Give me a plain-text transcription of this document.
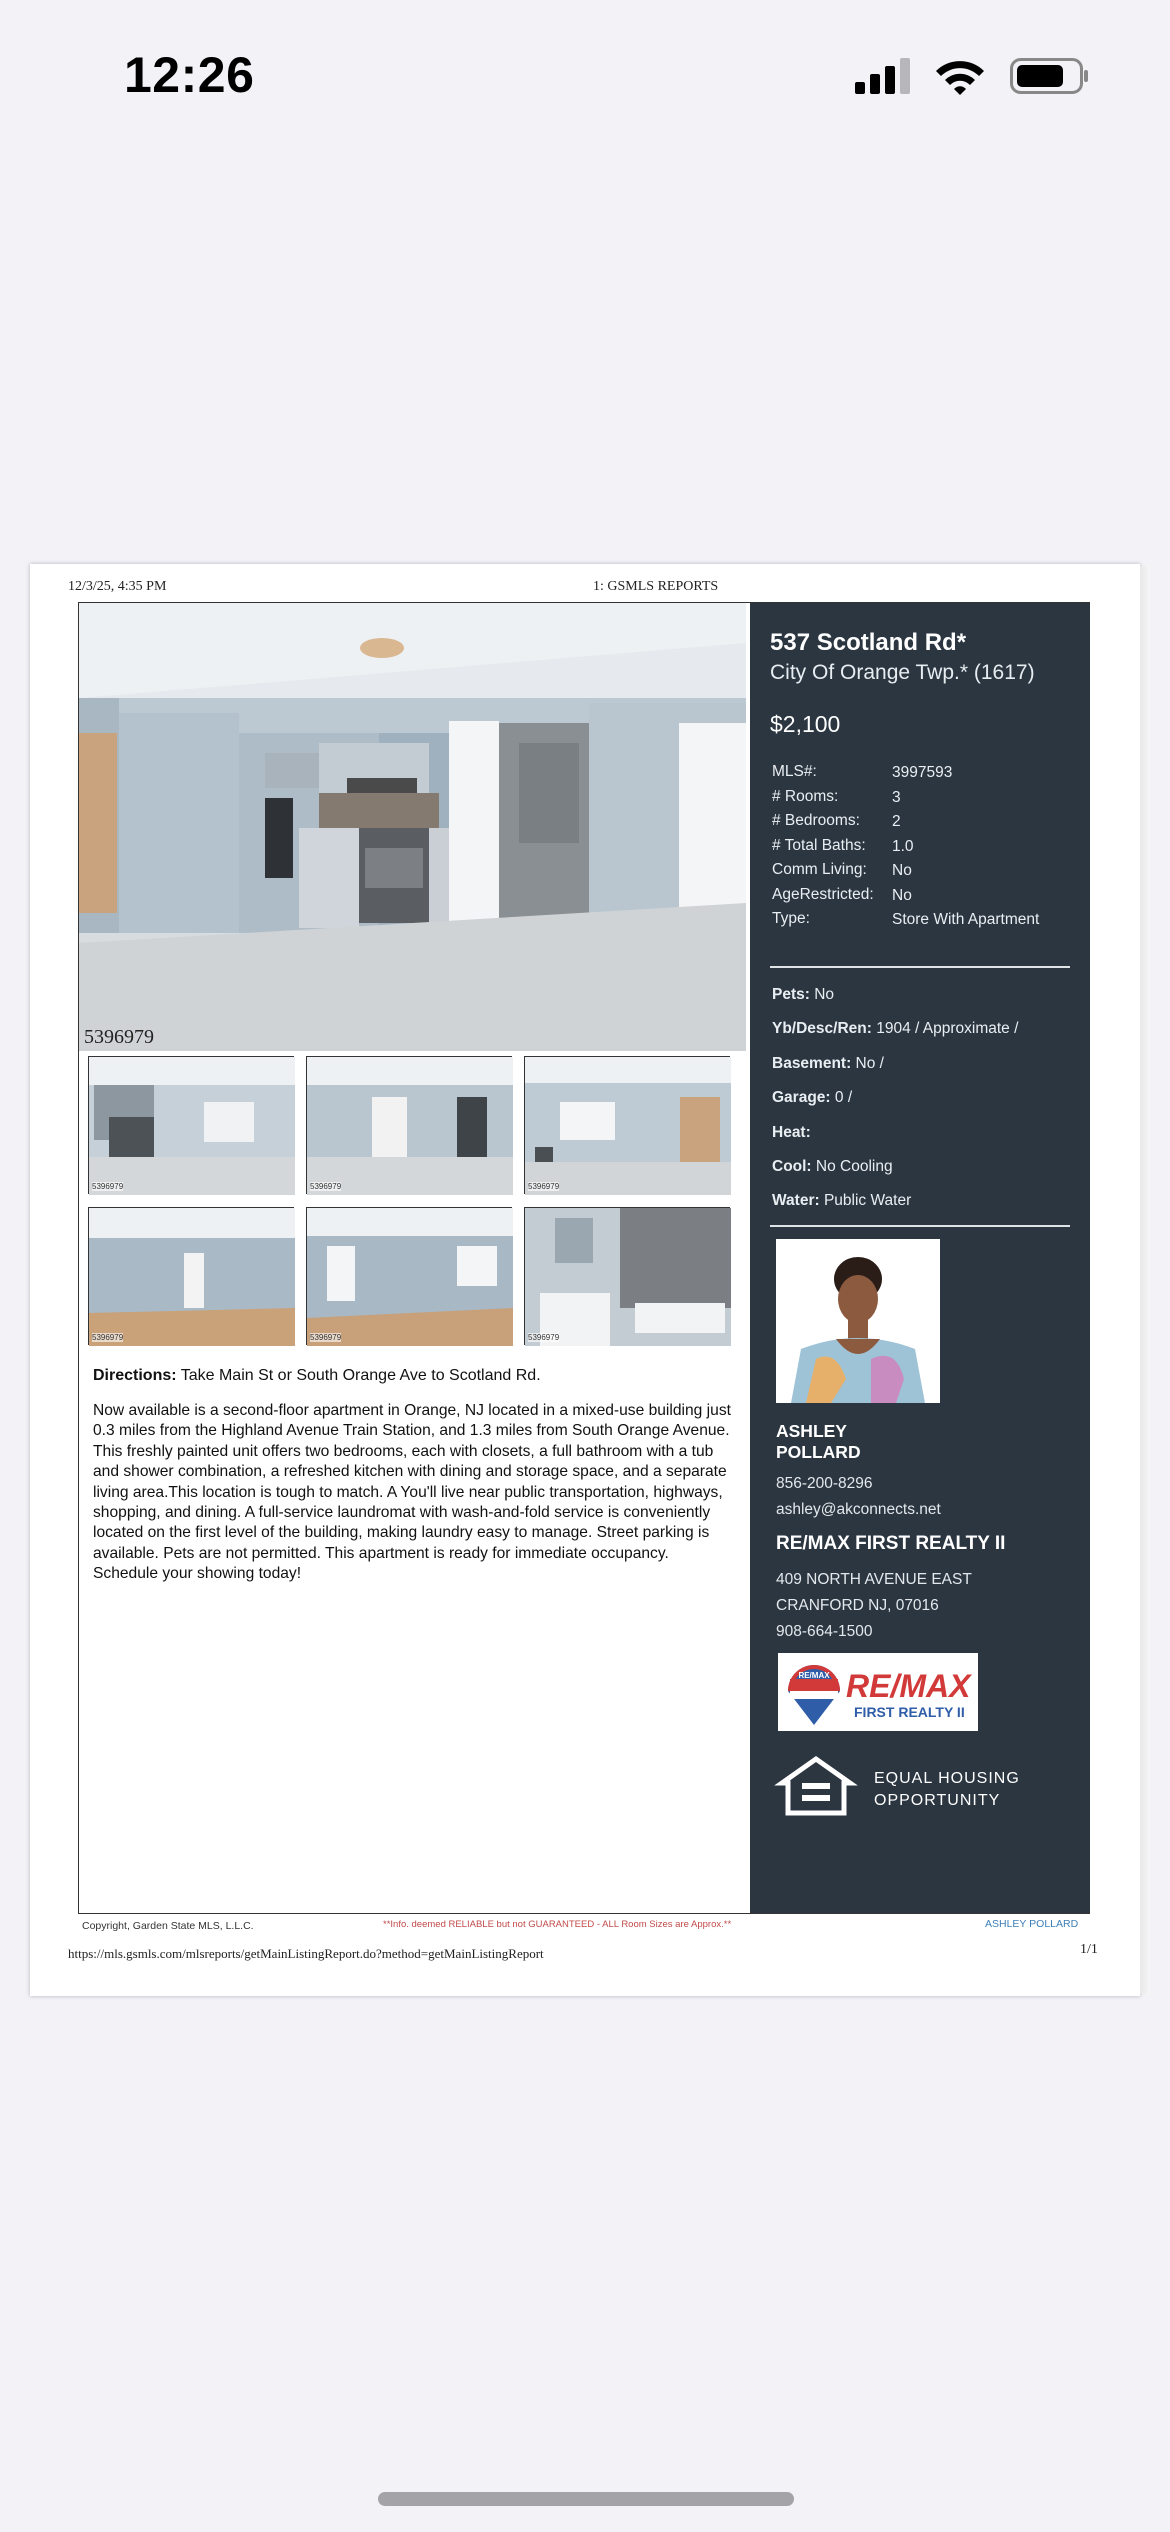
12:26
12/3/25, 4:35 PM	1: GSMLS REPORTS
5396979
5396979	5396979	5396979
5396979	5396979	5396979
Directions: Take Main St or South Orange Ave to Scotland Rd.
Now available is a second-floor apartment in Orange, NJ located in a mixed-use building just 0.3 miles from the Highland Avenue Train Station, and 1.3 miles from South Orange Avenue. This freshly painted unit offers two bedrooms, each with closets, a full bathroom with a tub and shower combination, a refreshed kitchen with dining and storage space, and a separate living area.This location is tough to match. A You'll live near public transportation, highways, shopping, and dining. A full-service laundromat with wash-and-fold service is conveniently located on the first level of the building, making laundry easy to manage. Street parking is available. Pets are not permitted. This apartment is ready for immediate occupancy. Schedule your showing today!
537 Scotland Rd*
City Of Orange Twp.* (1617)
$2,100
MLS#:	3997593
# Rooms:	3
# Bedrooms:	2
# Total Baths:	1.0
Comm Living:	No
AgeRestricted:	No
Type:	Store With Apartment
Pets: No
Yb/Desc/Ren: 1904 / Approximate /
Basement: No /
Garage: 0 /
Heat:
Cool: No Cooling
Water: Public Water
ASHLEY
POLLARD
856-200-8296
ashley@akconnects.net
RE/MAX FIRST REALTY II
409 NORTH AVENUE EAST
CRANFORD NJ, 07016
908-664-1500
RE/MAX RE/MAX
FIRST REALTY II
EQUAL HOUSING
OPPORTUNITY
Copyright, Garden State MLS, L.L.C.	**Info. deemed RELIABLE but not GUARANTEED - ALL Room Sizes are Approx.**	ASHLEY POLLARD
https://mls.gsmls.com/mlsreports/getMainListingReport.do?method=getMainListingReport	1/1
